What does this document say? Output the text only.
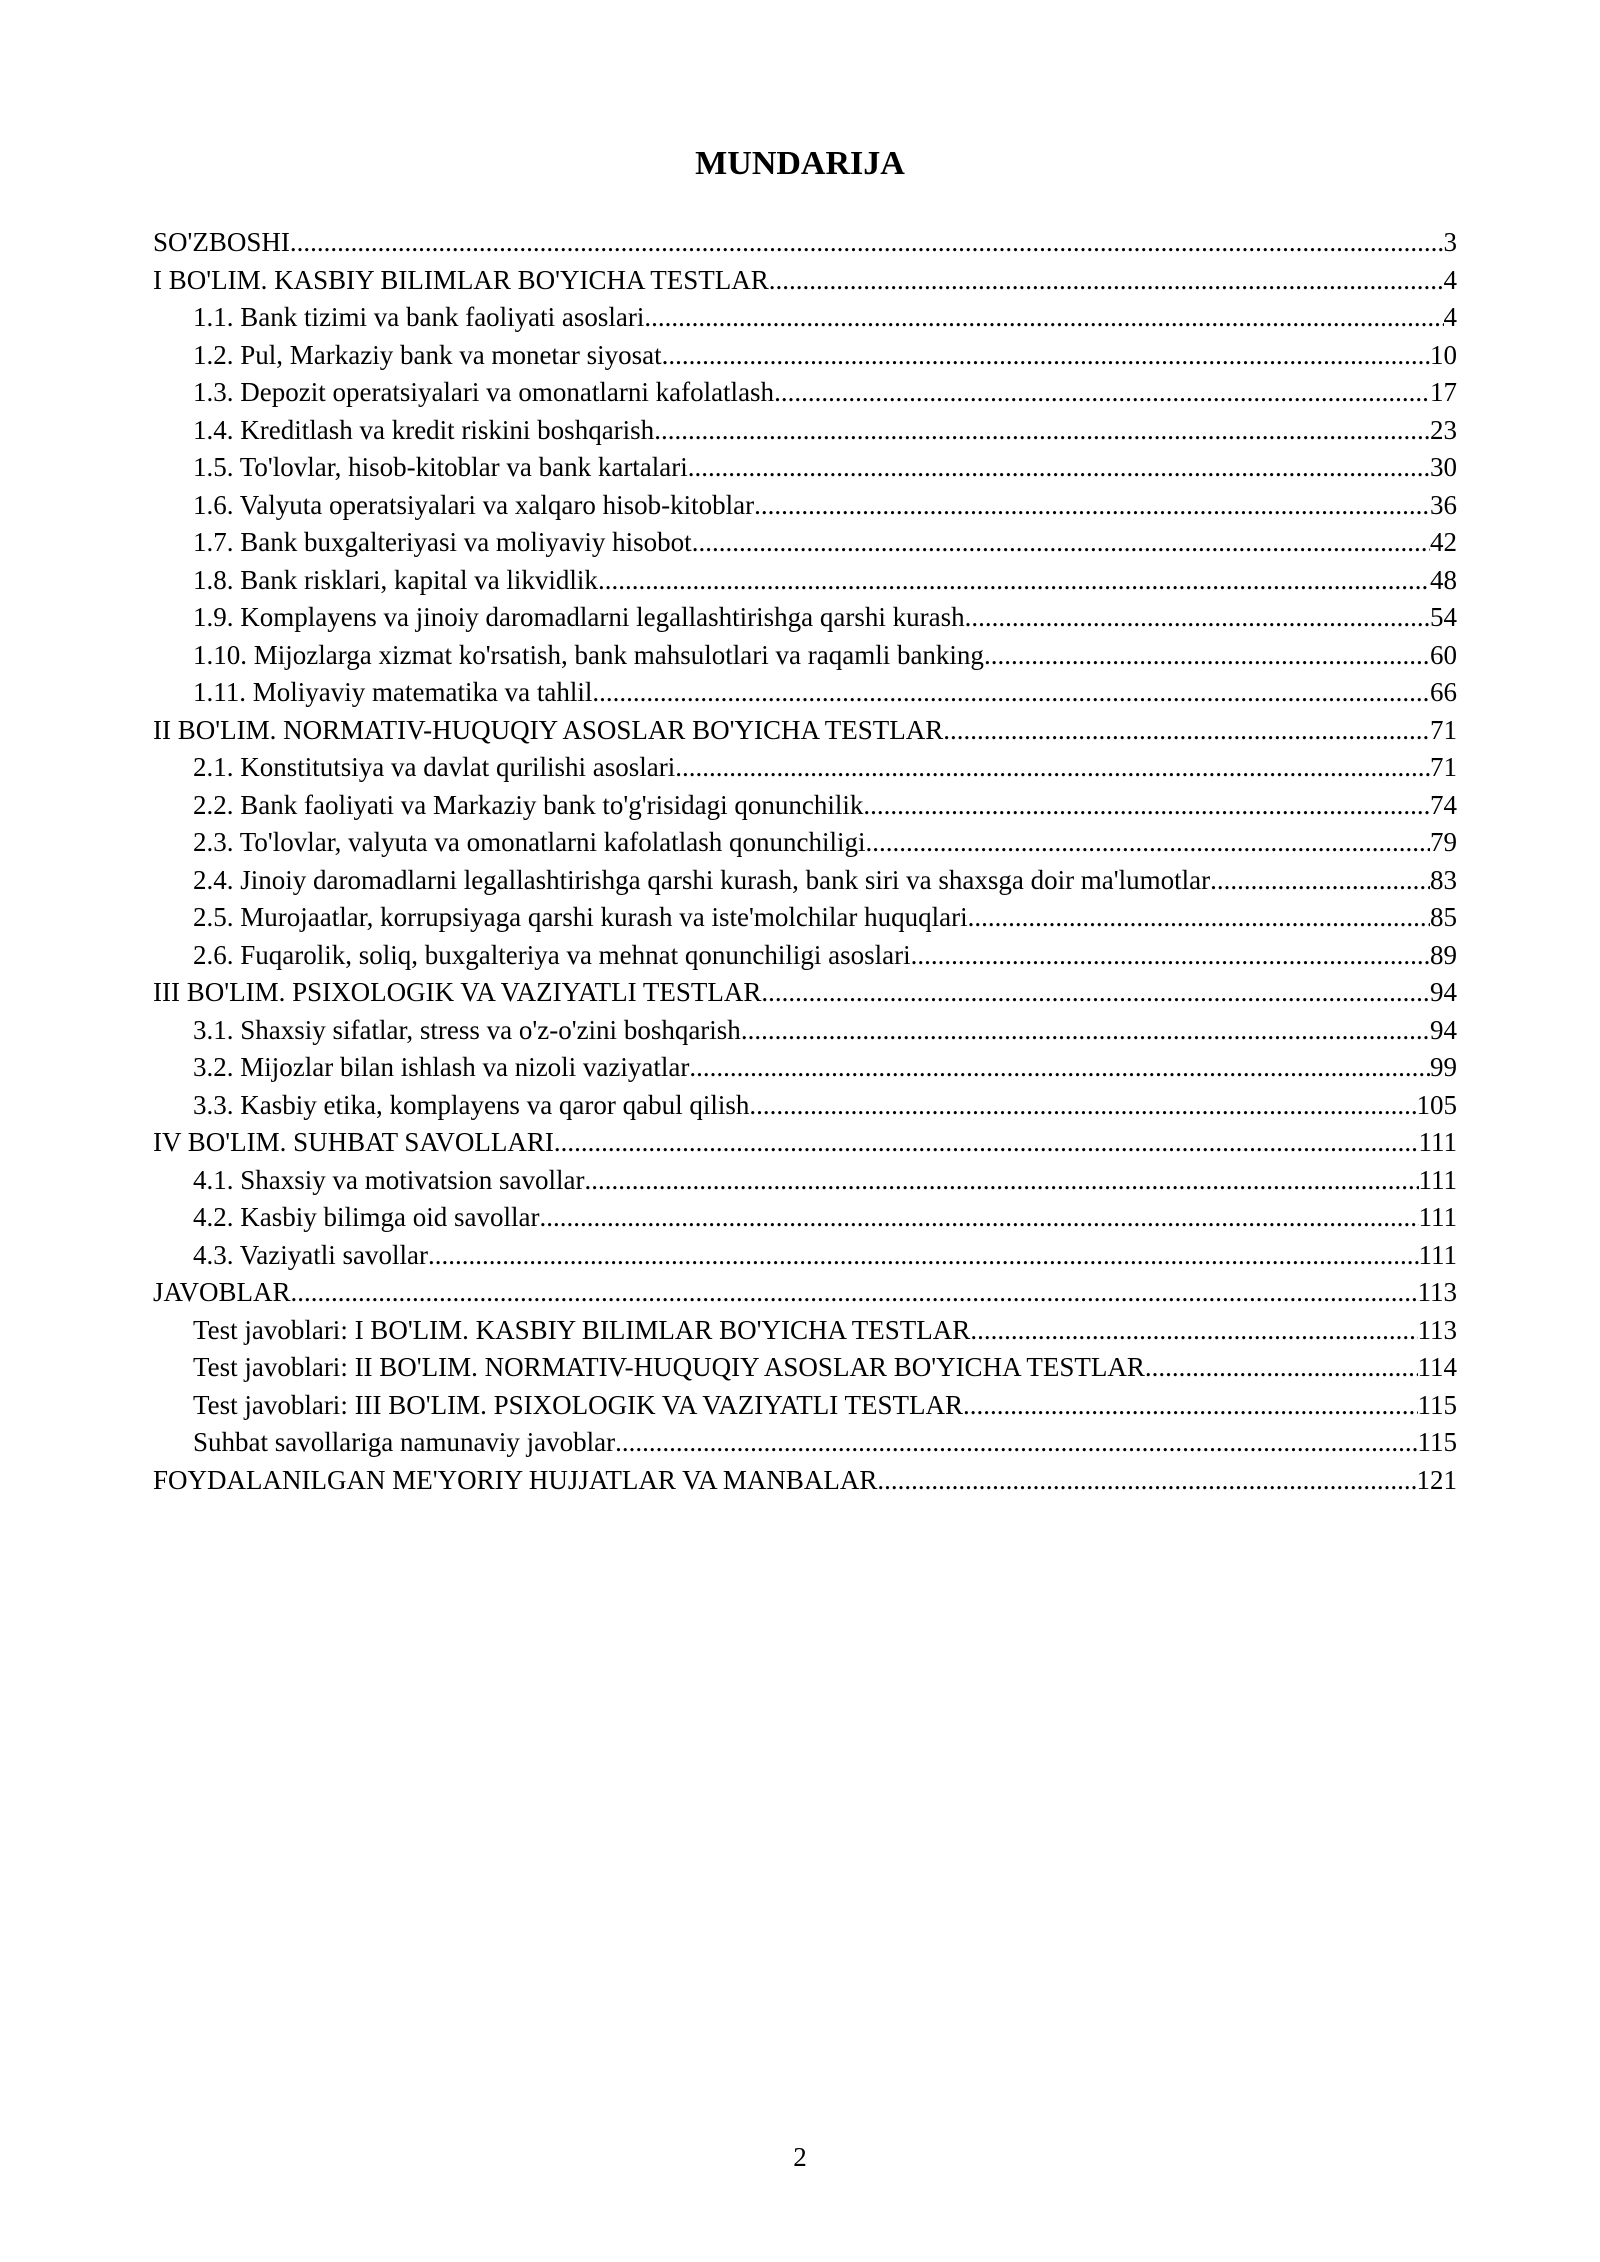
MUNDARIJA
SO'ZBOSHI .....	3
I BO'LIM. KASBIY BILIMLAR BO'YICHA TESTLAR .....	4
1.1. Bank tizimi va bank faoliyati asoslari .....	4
1.2. Pul, Markaziy bank va monetar siyosat .....	10
1.3. Depozit operatsiyalari va omonatlarni kafolatlash .....	17
1.4. Kreditlash va kredit riskini boshqarish .....	23
1.5. To'lovlar, hisob-kitoblar va bank kartalari .....	30
1.6. Valyuta operatsiyalari va xalqaro hisob-kitoblar .....	36
1.7. Bank buxgalteriyasi va moliyaviy hisobot .....	42
1.8. Bank risklari, kapital va likvidlik .....	48
1.9. Komplayens va jinoiy daromadlarni legallashtirishga qarshi kurash .....	54
1.10. Mijozlarga xizmat ko'rsatish, bank mahsulotlari va raqamli banking .....	60
1.11. Moliyaviy matematika va tahlil .....	66
II BO'LIM. NORMATIV-HUQUQIY ASOSLAR BO'YICHA TESTLAR .....	71
2.1. Konstitutsiya va davlat qurilishi asoslari .....	71
2.2. Bank faoliyati va Markaziy bank to'g'risidagi qonunchilik .....	74
2.3. To'lovlar, valyuta va omonatlarni kafolatlash qonunchiligi .....	79
2.4. Jinoiy daromadlarni legallashtirishga qarshi kurash, bank siri va shaxsga doir ma'lumotlar .....	83
2.5. Murojaatlar, korrupsiyaga qarshi kurash va iste'molchilar huquqlari .....	85
2.6. Fuqarolik, soliq, buxgalteriya va mehnat qonunchiligi asoslari .....	89
III BO'LIM. PSIXOLOGIK VA VAZIYATLI TESTLAR .....	94
3.1. Shaxsiy sifatlar, stress va o'z-o'zini boshqarish .....	94
3.2. Mijozlar bilan ishlash va nizoli vaziyatlar .....	99
3.3. Kasbiy etika, komplayens va qaror qabul qilish .....	105
IV BO'LIM. SUHBAT SAVOLLARI .....	111
4.1. Shaxsiy va motivatsion savollar .....	111
4.2. Kasbiy bilimga oid savollar .....	111
4.3. Vaziyatli savollar .....	111
JAVOBLAR .....	113
Test javoblari: I BO'LIM. KASBIY BILIMLAR BO'YICHA TESTLAR .....	113
Test javoblari: II BO'LIM. NORMATIV-HUQUQIY ASOSLAR BO'YICHA TESTLAR .....	114
Test javoblari: III BO'LIM. PSIXOLOGIK VA VAZIYATLI TESTLAR .....	115
Suhbat savollariga namunaviy javoblar .....	115
FOYDALANILGAN ME'YORIY HUJJATLAR VA MANBALAR .....	121
2
